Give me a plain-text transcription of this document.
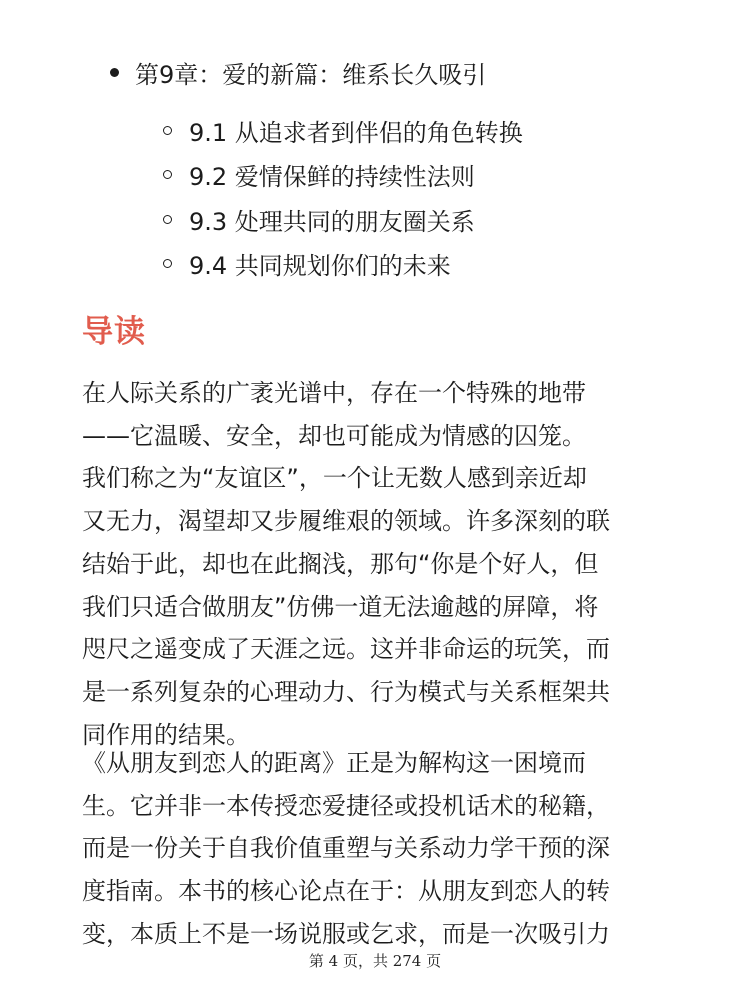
第9章：爱的新篇：维系长久吸引
9.1 从追求者到伴侣的角色转换
9.2 爱情保鲜的持续性法则
9.3 处理共同的朋友圈关系
9.4 共同规划你们的未来
导读
在人际关系的广袤光谱中，存在一个特殊的地带
——它温暖、安全，却也可能成为情感的囚笼。
我们称之为“友谊区”，一个让无数人感到亲近却
又无力，渴望却又步履维艰的领域。许多深刻的联
结始于此，却也在此搁浅，那句“你是个好人，但
我们只适合做朋友”仿佛一道无法逾越的屏障，将
咫尺之遥变成了天涯之远。这并非命运的玩笑，而
是一系列复杂的心理动力、行为模式与关系框架共
同作用的结果。
《从朋友到恋人的距离》正是为解构这一困境而
生。它并非一本传授恋爱捷径或投机话术的秘籍，
而是一份关于自我价值重塑与关系动力学干预的深
度指南。本书的核心论点在于：从朋友到恋人的转
变，本质上不是一场说服或乞求，而是一次吸引力
第 4 页，共 274 页
